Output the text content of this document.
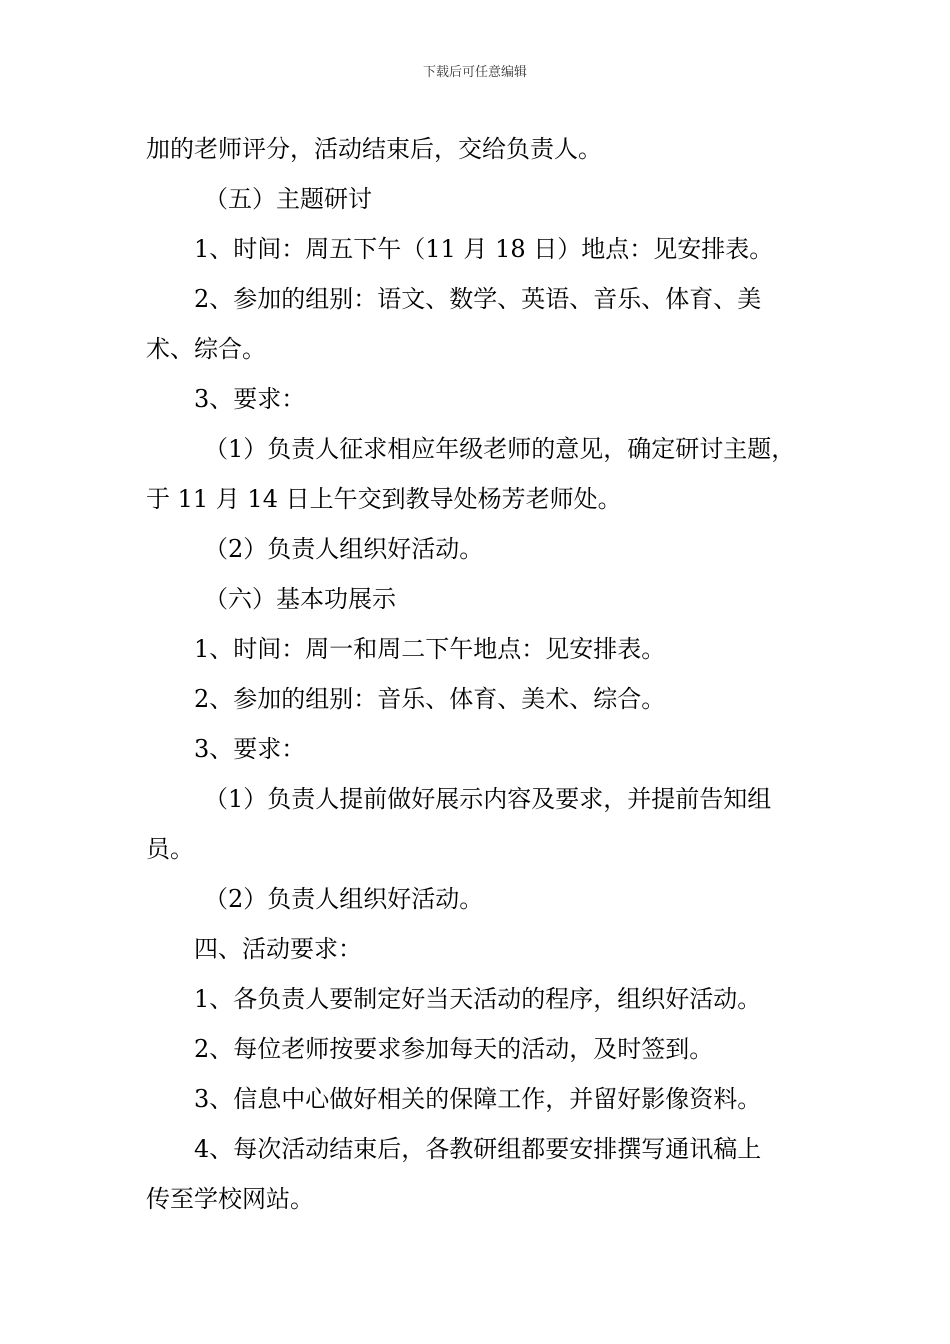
下载后可任意编辑

加的老师评分，活动结束后，交给负责人。

（五）主题研讨

1、时间：周五下午（11 月 18 日）地点：见安排表。

2、参加的组别：语文、数学、英语、音乐、体育、美

术、综合。

3、要求：

（1）负责人征求相应年级老师的意见，确定研讨主题，

于 11 月 14 日上午交到教导处杨芳老师处。

（2）负责人组织好活动。

（六）基本功展示

1、时间：周一和周二下午地点：见安排表。

2、参加的组别：音乐、体育、美术、综合。

3、要求：

（1）负责人提前做好展示内容及要求，并提前告知组

员。

（2）负责人组织好活动。

四、活动要求：

1、各负责人要制定好当天活动的程序，组织好活动。

2、每位老师按要求参加每天的活动，及时签到。

3、信息中心做好相关的保障工作，并留好影像资料。

4、每次活动结束后，各教研组都要安排撰写通讯稿上

传至学校网站。
